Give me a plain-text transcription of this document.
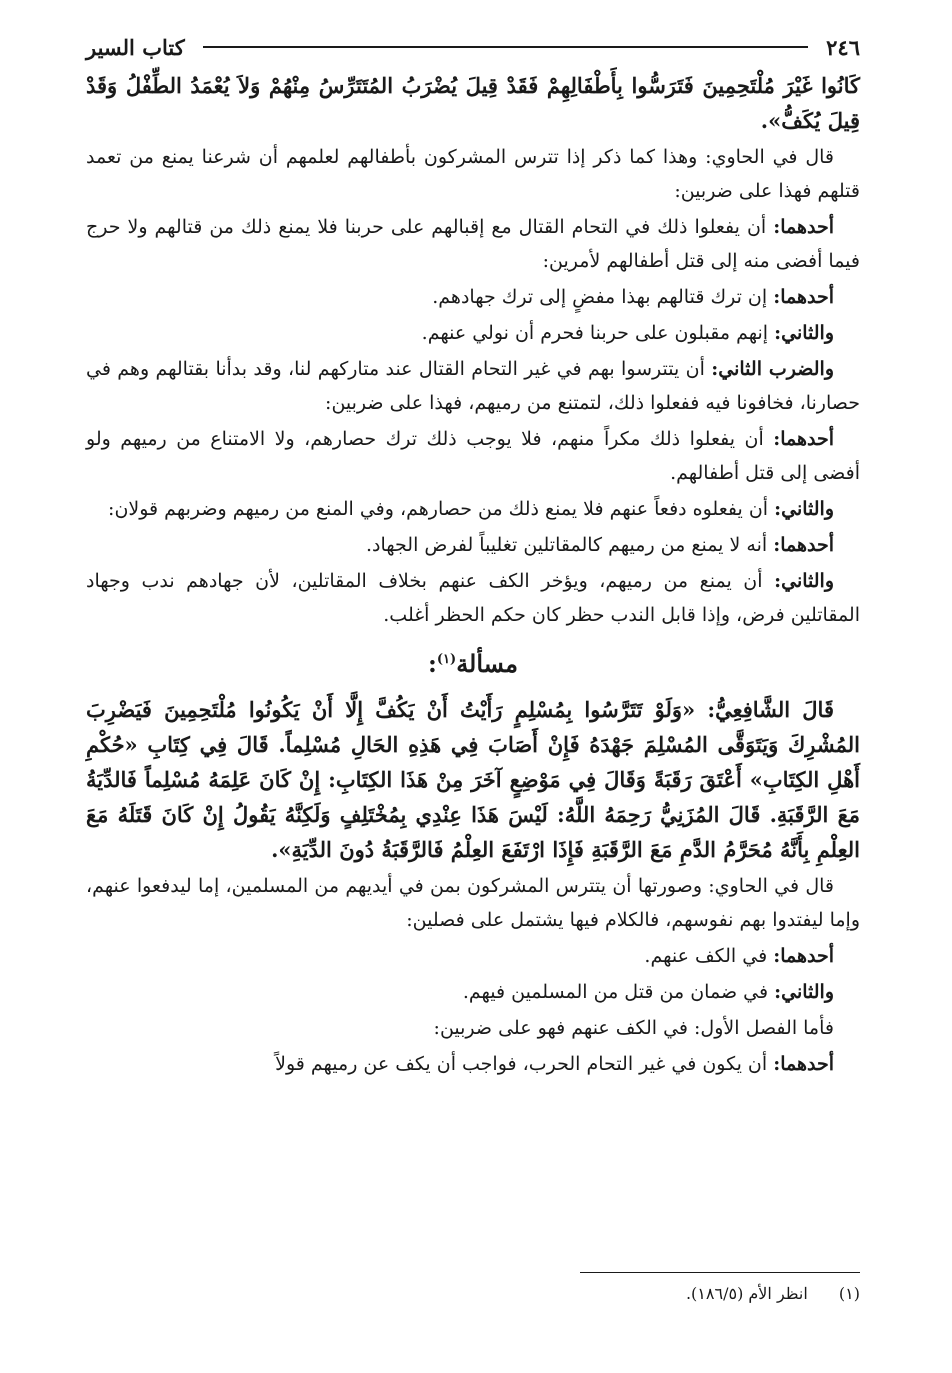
٢٤٦
كتاب السير

كَانُوا غَيْرَ مُلْتَحِمِينَ فَتَرَسُّوا بِأَطْفَالِهِمْ فَقَدْ قِيلَ يُضْرَبُ المُتَتَرِّسُ مِنْهُمْ وَلاَ يُعْمَدُ الطِّفْلُ وَقَدْ قِيلَ يُكَفُّ».

قال في الحاوي: وهذا كما ذكر إذا تترس المشركون بأطفالهم لعلمهم أن شرعنا يمنع من تعمد قتلهم فهذا على ضربين:

أحدهما: أن يفعلوا ذلك في التحام القتال مع إقبالهم على حربنا فلا يمنع ذلك من قتالهم ولا حرج فيما أفضى منه إلى قتل أطفالهم لأمرين:

أحدهما: إن ترك قتالهم بهذا مفضٍ إلى ترك جهادهم.

والثاني: إنهم مقبلون على حربنا فحرم أن نولي عنهم.

والضرب الثاني: أن يتترسوا بهم في غير التحام القتال عند متاركهم لنا، وقد بدأنا بقتالهم وهم في حصارنا، فخافونا فيه ففعلوا ذلك، لتمتنع من رميهم، فهذا على ضربين:

أحدهما: أن يفعلوا ذلك مكراً منهم، فلا يوجب ذلك ترك حصارهم، ولا الامتناع من رميهم ولو أفضى إلى قتل أطفالهم.

والثاني: أن يفعلوه دفعاً عنهم فلا يمنع ذلك من حصارهم، وفي المنع من رميهم وضربهم قولان:

أحدهما: أنه لا يمنع من رميهم كالمقاتلين تغليباً لفرض الجهاد.

والثاني: أن يمنع من رميهم، ويؤخر الكف عنهم بخلاف المقاتلين، لأن جهادهم ندب وجهاد المقاتلين فرض، وإذا قابل الندب حظر كان حكم الحظر أغلب.

مسألة$^{(١)}$:

قَالَ الشَّافِعِيُّ: «وَلَوْ تَتَرَّسُوا بِمُسْلِمٍ رَأَيْتُ أَنْ يَكُفَّ إِلَّا أَنْ يَكُونُوا مُلْتَحِمِينَ فَيَضْرِبَ المُشْرِكَ وَيَتَوَقَّى المُسْلِمَ جَهْدَهُ فَإِنْ أَصَابَ فِي هَذِهِ الحَالِ مُسْلِماً. قَالَ فِي كِتَابِ «حُكْمِ أَهْلِ الكِتَابِ» أَعْتَقَ رَقَبَةً وَقَالَ فِي مَوْضِعٍ آخَرَ مِنْ هَذَا الكِتَابِ: إِنْ كَانَ عَلِمَهُ مُسْلِماً فَالدِّيَةُ مَعَ الرَّقَبَةِ. قَالَ المُزَنِيُّ رَحِمَهُ اللَّهُ: لَيْسَ هَذَا عِنْدِي بِمُخْتَلِفٍ وَلَكِنَّهُ يَقُولُ إِنْ كَانَ قَتَلَهُ مَعَ العِلْمِ بِأَنَّهُ مُحَرَّمُ الدَّمِ مَعَ الرَّقَبَةِ فَإِذَا ارْتَفَعَ العِلْمُ فَالرَّقَبَةُ دُونَ الدِّيَةِ».

قال في الحاوي: وصورتها أن يتترس المشركون بمن في أيديهم من المسلمين، إما ليدفعوا عنهم، وإما ليفتدوا بهم نفوسهم، فالكلام فيها يشتمل على فصلين:

أحدهما: في الكف عنهم.

والثاني: في ضمان من قتل من المسلمين فيهم.

فأما الفصل الأول: في الكف عنهم فهو على ضربين:

أحدهما: أن يكون في غير التحام الحرب، فواجب أن يكف عن رميهم قولاً

(١) انظر الأم (١٨٦/٥).
